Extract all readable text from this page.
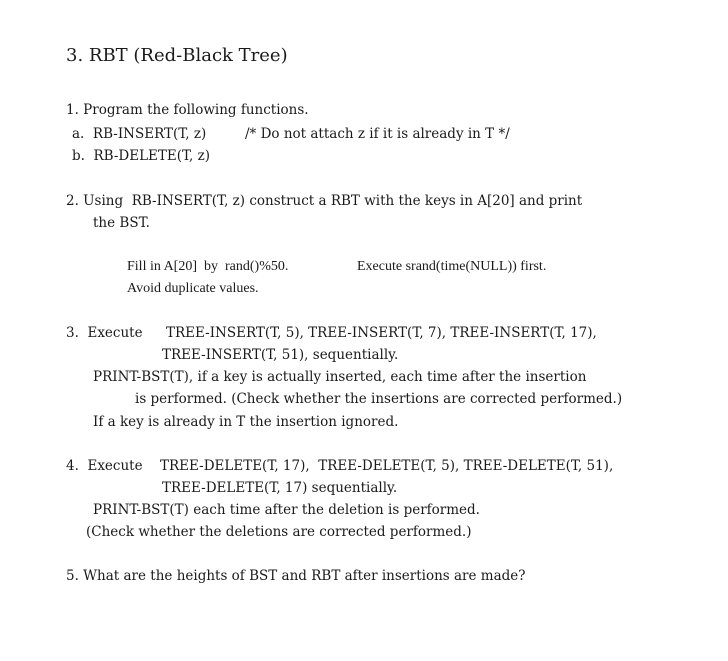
3. RBT (Red-Black Tree)
1. Program the following functions.
a.  RB-INSERT(T, z)	/* Do not attach z if it is already in T */
b.  RB-DELETE(T, z)
2. Using  RB-INSERT(T, z) construct a RBT with the keys in A[20] and print
the BST.
Fill in A[20]  by  rand()%50.	Execute srand(time(NULL)) first.
Avoid duplicate values.
3.  Execute TREE-INSERT(T, 5), TREE-INSERT(T, 7), TREE-INSERT(T, 17),
TREE-INSERT(T, 51), sequentially.
PRINT-BST(T), if a key is actually inserted, each time after the insertion
is performed. (Check whether the insertions are corrected performed.)
If a key is already in T the insertion ignored.
4.  Execute TREE-DELETE(T, 17),  TREE-DELETE(T, 5), TREE-DELETE(T, 51),
TREE-DELETE(T, 17) sequentially.
PRINT-BST(T) each time after the deletion is performed.
(Check whether the deletions are corrected performed.)
5. What are the heights of BST and RBT after insertions are made?
